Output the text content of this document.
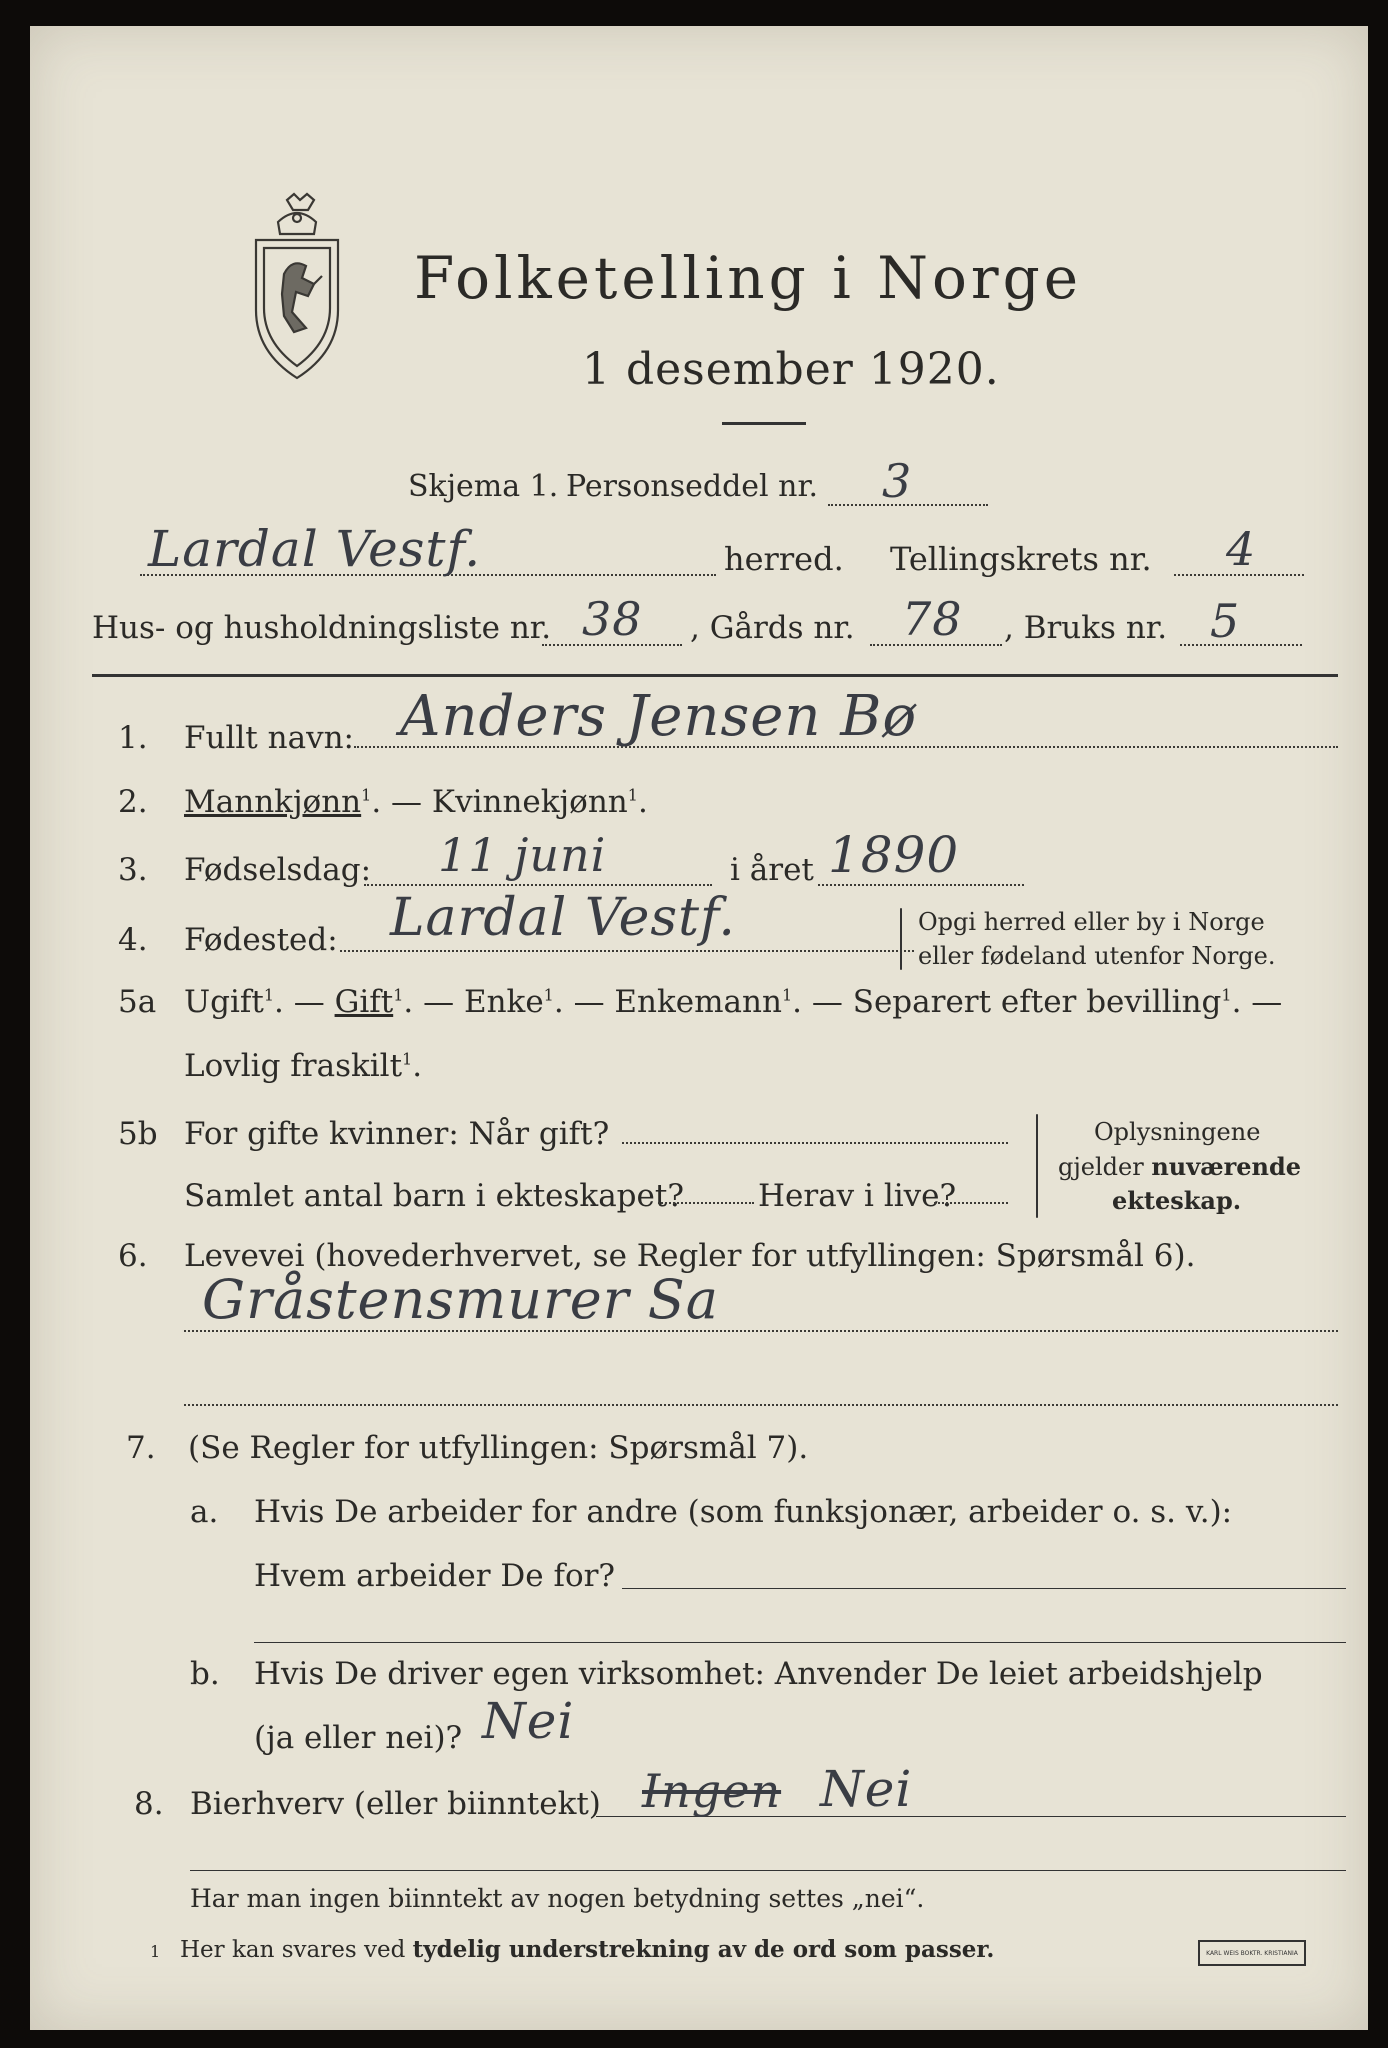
Folketelling i Norge
1 desember 1920.
Skjema 1. Personseddel nr. 3
Lardal Vestf.	herred. Tellingskrets nr. 4
Hus- og husholdningsliste nr. 38 , Gårds nr. 78 , Bruks nr. 5
1. Fullt navn: Anders Jensen Bø
2. Mannkjønn$^1$. — Kvinnekjønn$^1$.
3. Fødselsdag: 11 juni	i året 1890
4. Fødested: Lardal Vestf.	Opgi herred eller by i Norge
eller fødeland utenfor Norge.
5a Ugift$^1$. — Gift$^1$. — Enke$^1$. — Enkemann$^1$. — Separert efter bevilling$^1$. —
Lovlig fraskilt$^1$.
5b For gifte kvinner: Når gift?
Samlet antal barn i ekteskapet? Herav i live?
Oplysningene
gjelder nuværende
ekteskap.
6. Levevei (hovederhvervet, se Regler for utfyllingen: Spørsmål 6).
Gråstensmurer Sa
7. (Se Regler for utfyllingen: Spørsmål 7).
a. Hvis De arbeider for andre (som funksjonær, arbeider o. s. v.):
Hvem arbeider De for?
b. Hvis De driver egen virksomhet: Anvender De leiet arbeidshjelp
(ja eller nei)? Nei
8. Bierhverv (eller biinntekt) Ingen Nei
Har man ingen biinntekt av nogen betydning settes „nei“.
1 Her kan svares ved tydelig understrekning av de ord som passer.	KARL WEIS BOKTR. KRISTIANIA
